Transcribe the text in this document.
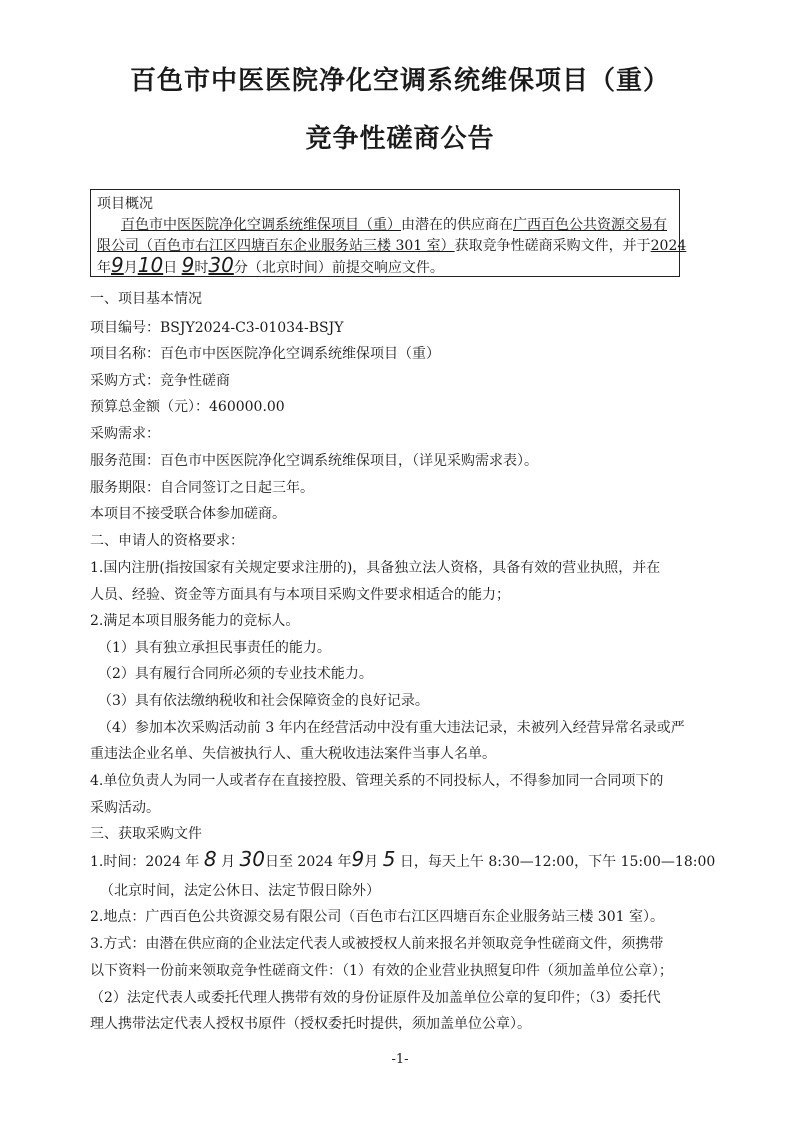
百色市中医医院净化空调系统维保项目（重）
竞争性磋商公告
项目概况
百色市中医医院净化空调系统维保项目（重）由潜在的供应商在广西百色公共资源交易有
限公司（百色市右江区四塘百东企业服务站三楼 301 室）获取竞争性磋商采购文件，并于2024
年9月10日 9时30分（北京时间）前提交响应文件。
一、项目基本情况
项目编号：BSJY2024-C3-01034-BSJY
项目名称：百色市中医医院净化空调系统维保项目（重）
采购方式：竞争性磋商
预算总金额（元）：460000.00
采购需求：
服务范围：百色市中医医院净化空调系统维保项目，（详见采购需求表）。
服务期限：自合同签订之日起三年。
本项目不接受联合体参加磋商。
二、申请人的资格要求：
1.国内注册(指按国家有关规定要求注册的)，具备独立法人资格，具备有效的营业执照，并在
人员、经验、资金等方面具有与本项目采购文件要求相适合的能力；
2.满足本项目服务能力的竞标人。
（1）具有独立承担民事责任的能力。
（2）具有履行合同所必须的专业技术能力。
（3）具有依法缴纳税收和社会保障资金的良好记录。
（4）参加本次采购活动前 3 年内在经营活动中没有重大违法记录，未被列入经营异常名录或严
重违法企业名单、失信被执行人、重大税收违法案件当事人名单。
4.单位负责人为同一人或者存在直接控股、管理关系的不同投标人，不得参加同一合同项下的
采购活动。
三、获取采购文件
1.时间：2024 年 8 月 30日至 2024 年9月 5 日，每天上午 8:30—12:00，下午 15:00—18:00
（北京时间，法定公休日、法定节假日除外）
2.地点：广西百色公共资源交易有限公司（百色市右江区四塘百东企业服务站三楼 301 室）。
3.方式：由潜在供应商的企业法定代表人或被授权人前来报名并领取竞争性磋商文件，须携带
以下资料一份前来领取竞争性磋商文件：（1）有效的企业营业执照复印件（须加盖单位公章）；
（2）法定代表人或委托代理人携带有效的身份证原件及加盖单位公章的复印件；（3）委托代
理人携带法定代表人授权书原件（授权委托时提供，须加盖单位公章）。
-1-
